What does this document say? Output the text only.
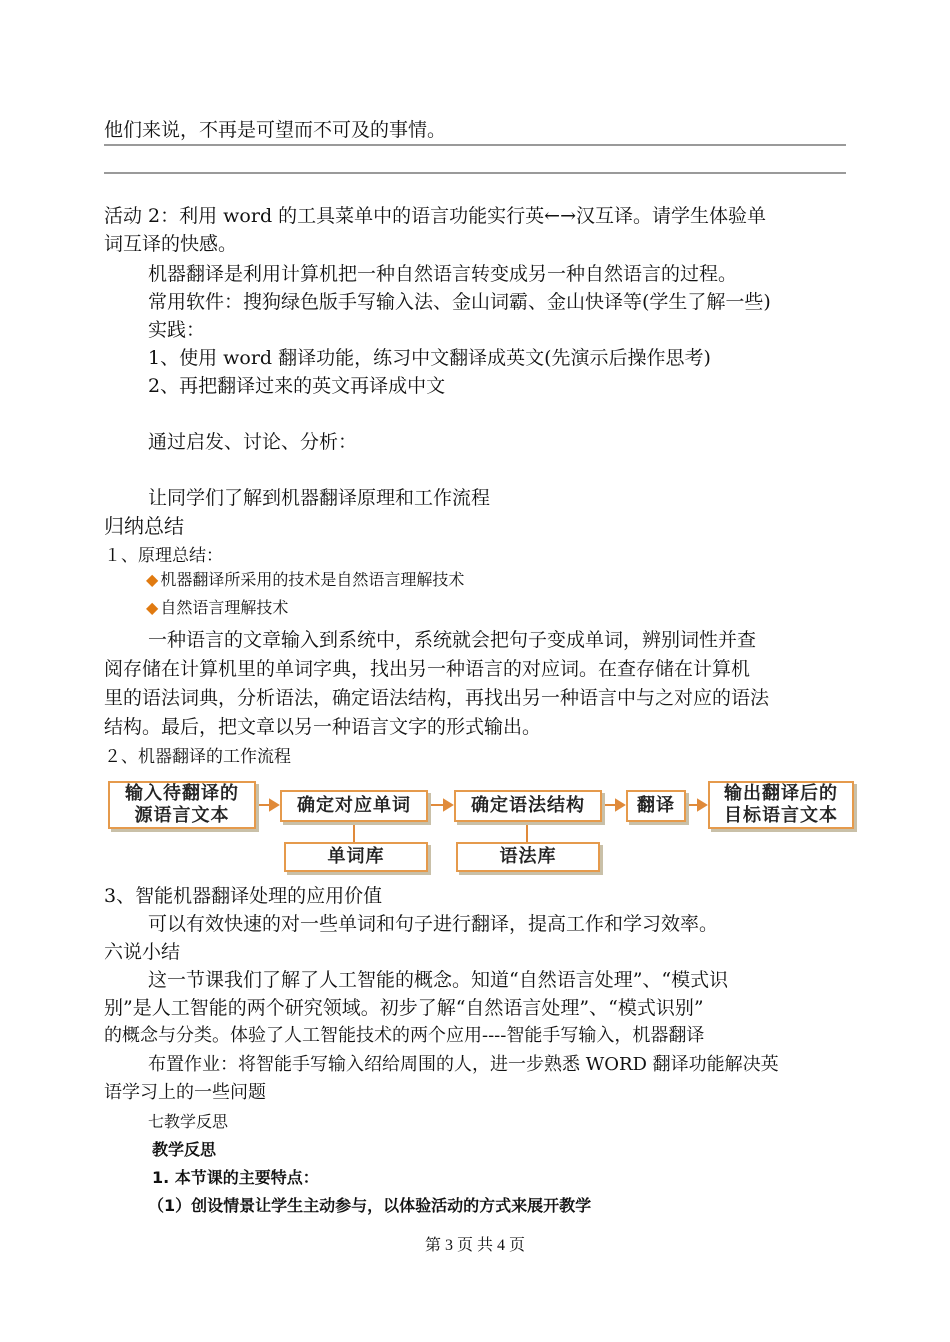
他们来说，不再是可望而不可及的事情。
活动 2：利用 word 的工具菜单中的语言功能实行英←→汉互译。请学生体验单
词互译的快感。
机器翻译是利用计算机把一种自然语言转变成另一种自然语言的过程。
常用软件：搜狗绿色版手写输入法、金山词霸、金山快译等(学生了解一些)
实践：
1、使用 word 翻译功能，练习中文翻译成英文(先演示后操作思考)
2、再把翻译过来的英文再译成中文
通过启发、讨论、分析：
让同学们了解到机器翻译原理和工作流程
归纳总结
１、原理总结：
◆ 机器翻译所采用的技术是自然语言理解技术
◆ 自然语言理解技术
一种语言的文章输入到系统中，系统就会把句子变成单词，辨别词性并查
阅存储在计算机里的单词字典，找出另一种语言的对应词。在查存储在计算机
里的语法词典，分析语法，确定语法结构，再找出另一种语言中与之对应的语法
结构。最后，把文章以另一种语言文字的形式输出。
２、机器翻译的工作流程
输入待翻译的
源语言文本	确定对应单词	确定语法结构	翻译
输出翻译后的
目标语言文本
单词库	语法库
3、智能机器翻译处理的应用价值
可以有效快速的对一些单词和句子进行翻译，提高工作和学习效率。
六说小结
这一节课我们了解了人工智能的概念。知道“自然语言处理”、“模式识
别”是人工智能的两个研究领域。初步了解“自然语言处理”、“模式识别”
的概念与分类。体验了人工智能技术的两个应用----智能手写输入，机器翻译
布置作业：将智能手写输入绍给周围的人，进一步熟悉 WORD 翻译功能解决英
语学习上的一些问题
七教学反思
教学反思
1. 本节课的主要特点：
（1）创设情景让学生主动参与，以体验活动的方式来展开教学
第 3 页 共 4 页
